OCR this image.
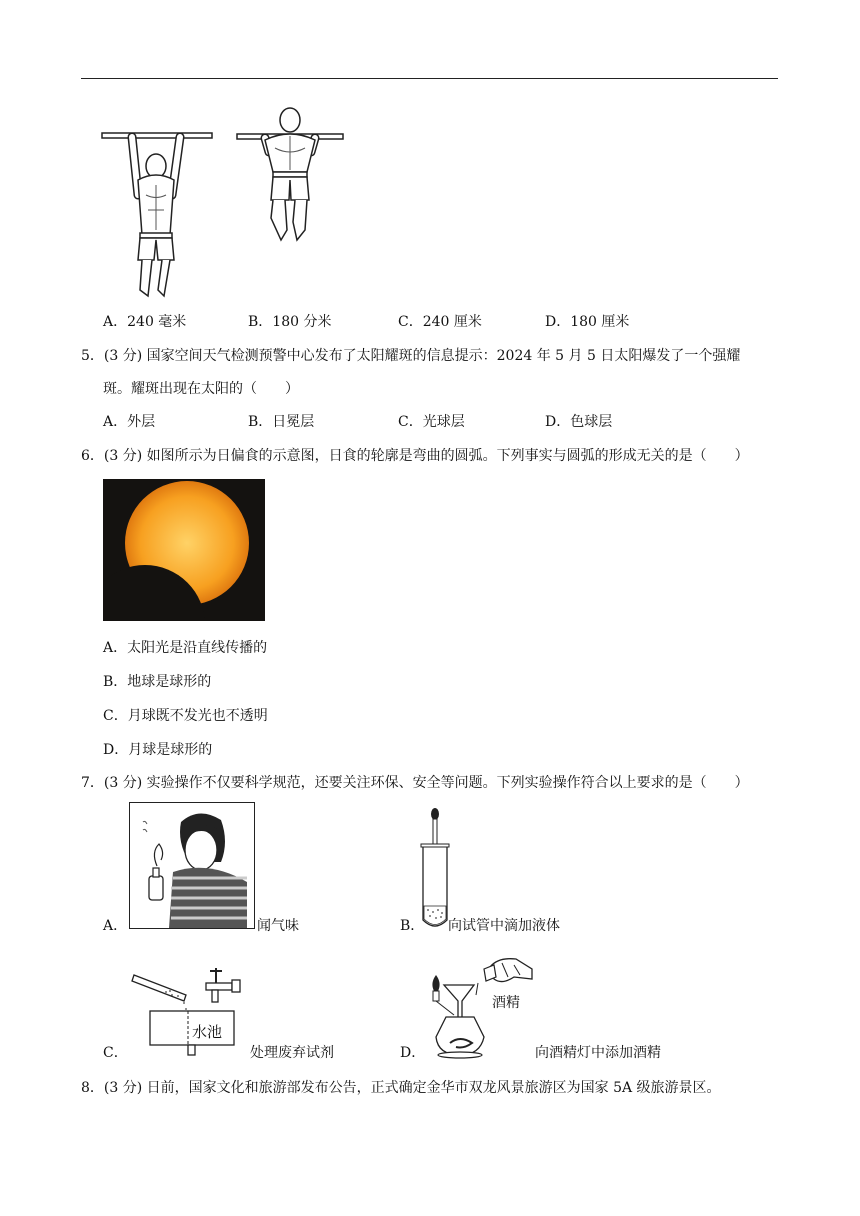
A．240 毫米	B．180 分米	C．240 厘米	D．180 厘米
5．(3 分) 国家空间天气检测预警中心发布了太阳耀斑的信息提示：2024 年 5 月 5 日太阳爆发了一个强耀
斑。耀斑出现在太阳的（　　）
A．外层	B．日冕层	C．光球层	D．色球层
6．(3 分) 如图所示为日偏食的示意图，日食的轮廓是弯曲的圆弧。下列事实与圆弧的形成无关的是（　　）
A．太阳光是沿直线传播的
B．地球是球形的
C．月球既不发光也不透明
D．月球是球形的
7．(3 分) 实验操作不仅要科学规范，还要关注环保、安全等问题。下列实验操作符合以上要求的是（　　）
A．	闻气味	B． 向试管中滴加液体
水池
C．	处理废弃试剂
酒精
D．	向酒精灯中添加酒精
8．(3 分) 日前，国家文化和旅游部发布公告，正式确定金华市双龙风景旅游区为国家 5A 级旅游景区。
